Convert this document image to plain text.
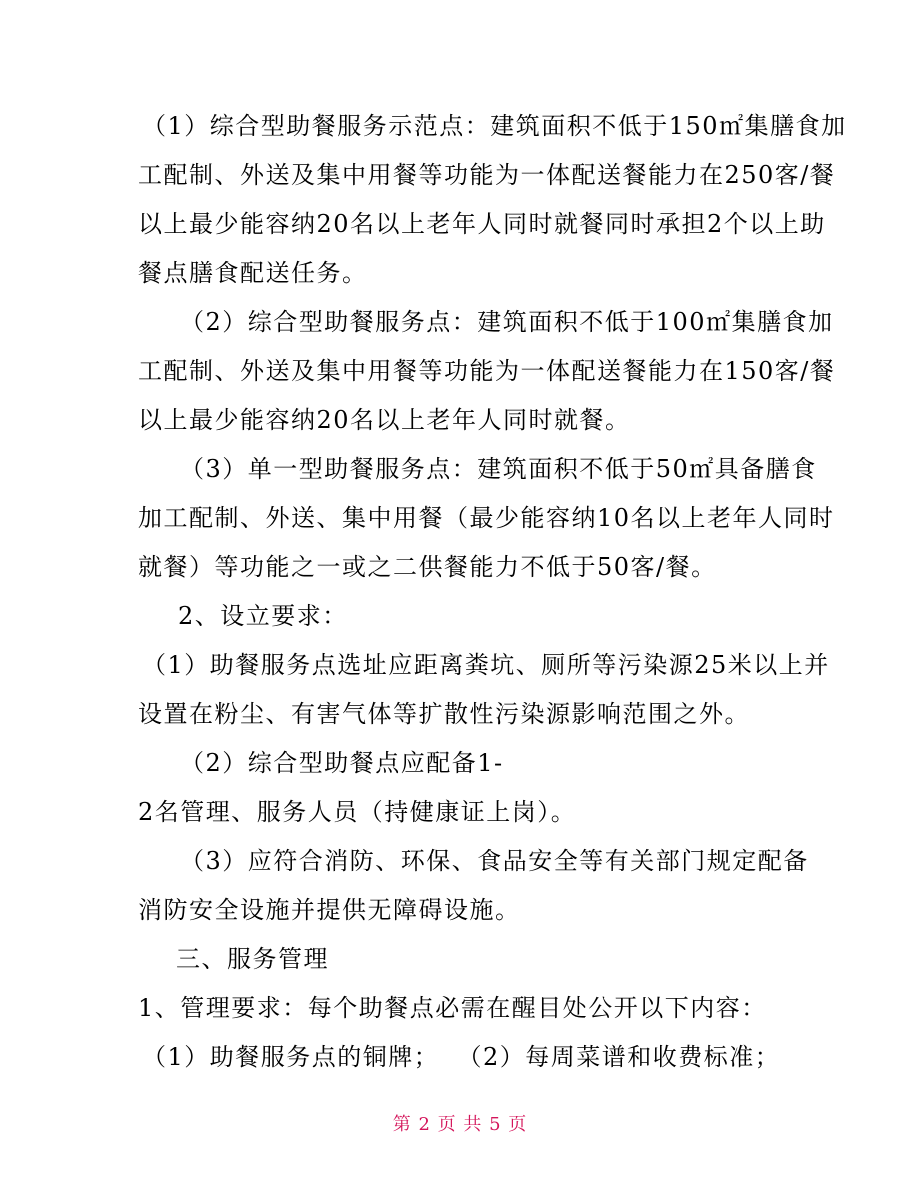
（1）综合型助餐服务示范点：建筑面积不低于150㎡集膳食加
工配制、外送及集中用餐等功能为一体配送餐能力在250客/餐
以上最少能容纳20名以上老年人同时就餐同时承担2个以上助
餐点膳食配送任务。
（2）综合型助餐服务点：建筑面积不低于100㎡集膳食加
工配制、外送及集中用餐等功能为一体配送餐能力在150客/餐
以上最少能容纳20名以上老年人同时就餐。
（3）单一型助餐服务点：建筑面积不低于50㎡具备膳食
加工配制、外送、集中用餐（最少能容纳10名以上老年人同时
就餐）等功能之一或之二供餐能力不低于50客/餐。
2、设立要求：
（1）助餐服务点选址应距离粪坑、厕所等污染源25米以上并
设置在粉尘、有害气体等扩散性污染源影响范围之外。
（2）综合型助餐点应配备1-
2名管理、服务人员（持健康证上岗）。
（3）应符合消防、环保、食品安全等有关部门规定配备
消防安全设施并提供无障碍设施。
三、服务管理
1、管理要求：每个助餐点必需在醒目处公开以下内容：
（1）助餐服务点的铜牌；  （2）每周菜谱和收费标准；
第 2 页 共 5 页
